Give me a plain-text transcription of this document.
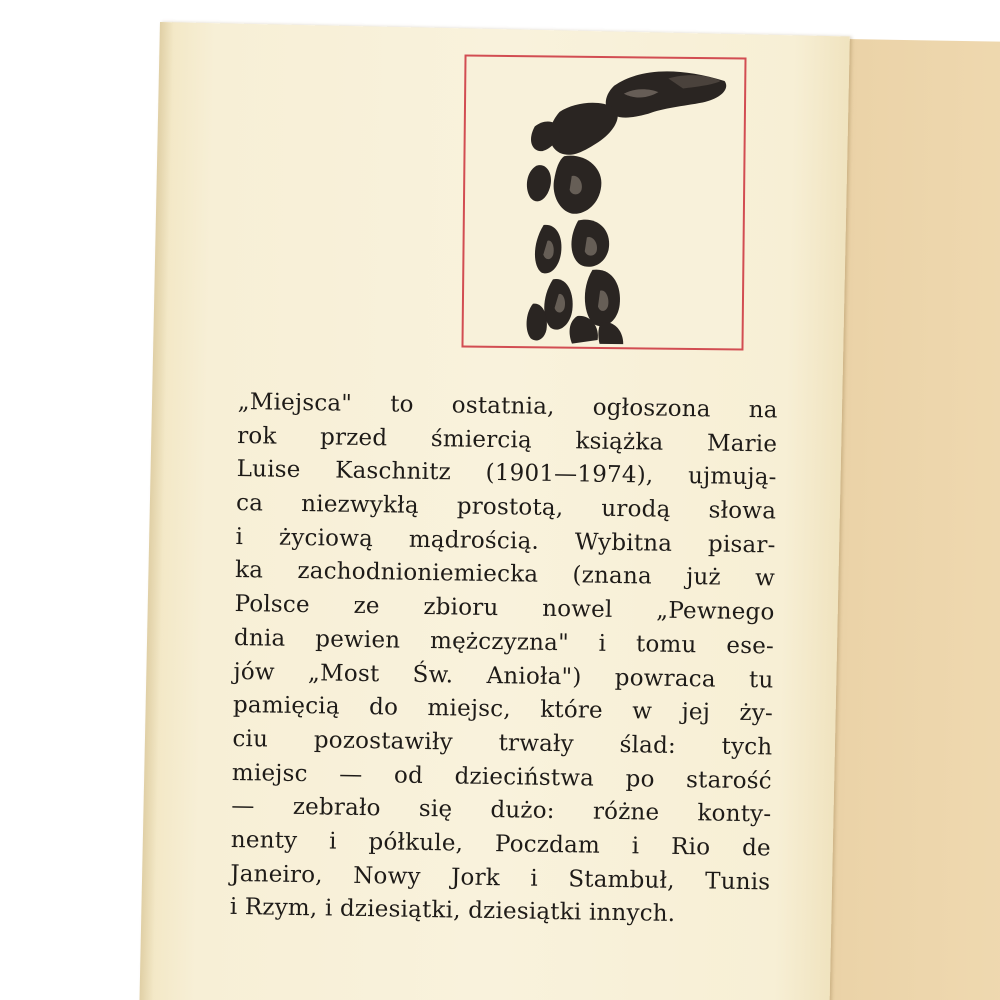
„Miejsca" to ostatnia, ogłoszona na
rok przed śmiercią książka Marie
Luise Kaschnitz (1901—1974), ujmują-
ca niezwykłą prostotą, urodą słowa
i życiową mądrością. Wybitna pisar-
ka zachodnioniemiecka (znana już w
Polsce ze zbioru nowel „Pewnego
dnia pewien mężczyzna" i tomu ese-
jów „Most Św. Anioła") powraca tu
pamięcią do miejsc, które w jej ży-
ciu pozostawiły trwały ślad: tych
miejsc — od dzieciństwa po starość
— zebrało się dużo: różne konty-
nenty i półkule, Poczdam i Rio de
Janeiro, Nowy Jork i Stambuł, Tunis
i Rzym, i dziesiątki, dziesiątki innych.
